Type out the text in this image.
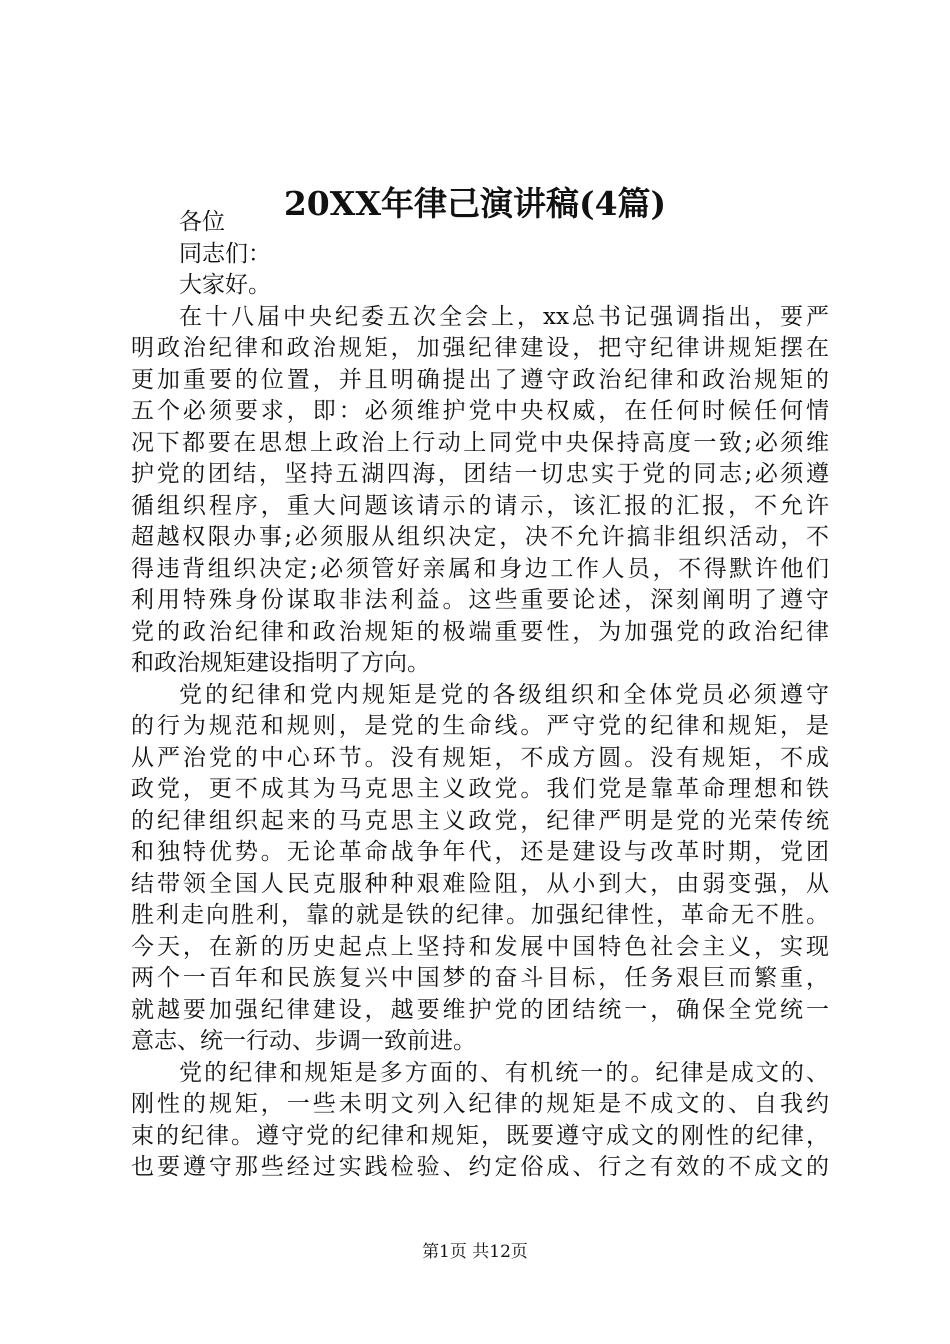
20XX年律己演讲稿(4篇)
各位
同志们：
大家好。
在十八届中央纪委五次全会上，xx总书记强调指出，要严
明政治纪律和政治规矩，加强纪律建设，把守纪律讲规矩摆在
更加重要的位置，并且明确提出了遵守政治纪律和政治规矩的
五个必须要求，即：必须维护党中央权威，在任何时候任何情
况下都要在思想上政治上行动上同党中央保持高度一致;必须维
护党的团结，坚持五湖四海，团结一切忠实于党的同志;必须遵
循组织程序，重大问题该请示的请示，该汇报的汇报，不允许
超越权限办事;必须服从组织决定，决不允许搞非组织活动，不
得违背组织决定;必须管好亲属和身边工作人员，不得默许他们
利用特殊身份谋取非法利益。这些重要论述，深刻阐明了遵守
党的政治纪律和政治规矩的极端重要性，为加强党的政治纪律
和政治规矩建设指明了方向。
党的纪律和党内规矩是党的各级组织和全体党员必须遵守
的行为规范和规则，是党的生命线。严守党的纪律和规矩，是
从严治党的中心环节。没有规矩，不成方圆。没有规矩，不成
政党，更不成其为马克思主义政党。我们党是靠革命理想和铁
的纪律组织起来的马克思主义政党，纪律严明是党的光荣传统
和独特优势。无论革命战争年代，还是建设与改革时期，党团
结带领全国人民克服种种艰难险阻，从小到大，由弱变强，从
胜利走向胜利，靠的就是铁的纪律。加强纪律性，革命无不胜。
今天，在新的历史起点上坚持和发展中国特色社会主义，实现
两个一百年和民族复兴中国梦的奋斗目标，任务艰巨而繁重，
就越要加强纪律建设，越要维护党的团结统一，确保全党统一
意志、统一行动、步调一致前进。
党的纪律和规矩是多方面的、有机统一的。纪律是成文的、
刚性的规矩，一些未明文列入纪律的规矩是不成文的、自我约
束的纪律。遵守党的纪律和规矩，既要遵守成文的刚性的纪律，
也要遵守那些经过实践检验、约定俗成、行之有效的不成文的
第1页 共12页
